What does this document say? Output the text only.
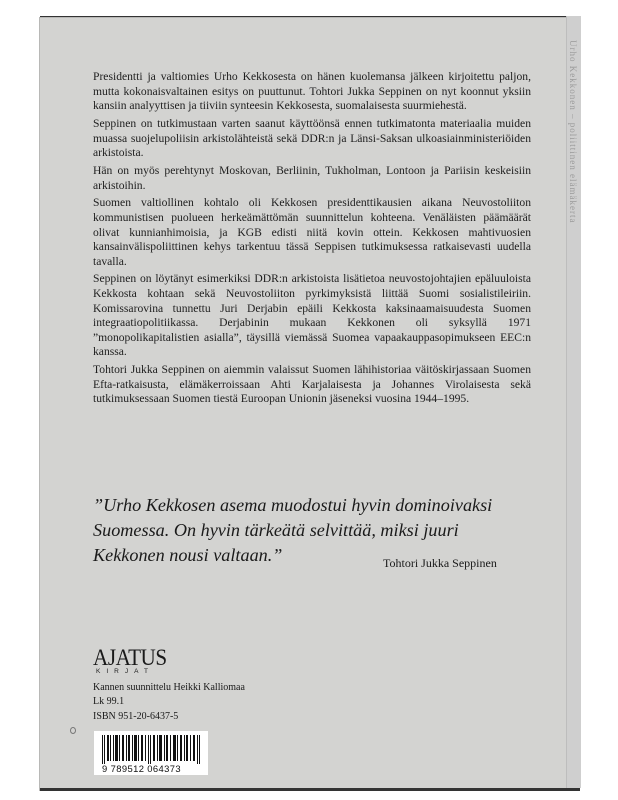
Urho Kekkonen – poliittinen elämäkerta

Presidentti ja valtiomies Urho Kekkosesta on hänen kuolemansa jälkeen kirjoitettu paljon, mutta kokonaisvaltainen esitys on puuttunut. Tohtori Jukka Seppinen on nyt koonnut yksiin kansiin analyyttisen ja tiiviin synteesin Kekkosesta, suomalaisesta suurmiehestä.

Seppinen on tutkimustaan varten saanut käyttöönsä ennen tutkimatonta materiaalia muiden muassa suojelupoliisin arkistolähteistä sekä DDR:n ja Länsi-Saksan ulkoasiainministeriöiden arkistoista.

Hän on myös perehtynyt Moskovan, Berliinin, Tukholman, Lontoon ja Pariisin keskeisiin arkistoihin.

Suomen valtiollinen kohtalo oli Kekkosen presidenttikausien aikana Neuvostoliiton kommunistisen puolueen herkeämättömän suunnittelun kohteena. Venäläisten päämäärät olivat kunnianhimoisia, ja KGB edisti niitä kovin ottein. Kekkosen mahtivuosien kansainvälispoliittinen kehys tarkentuu tässä Seppisen tutkimuksessa ratkaisevasti uudella tavalla.

Seppinen on löytänyt esimerkiksi DDR:n arkistoista lisätietoa neuvostojohtajien epäluuloista Kekkosta kohtaan sekä Neuvostoliiton pyrkimyksistä liittää Suomi sosialistileiriin. Komissarovina tunnettu Juri Derjabin epäili Kekkosta kaksinaamaisuudesta Suomen integraatiopolitiikassa. Derjabinin mukaan Kekkonen oli syksyllä 1971 ”monopolikapitalistien asialla”, täysillä viemässä Suomea vapaakauppasopimukseen EEC:n kanssa.

Tohtori Jukka Seppinen on aiemmin valaissut Suomen lähihistoriaa väitöskirjassaan Suomen Efta-ratkaisusta, elämäkerroissaan Ahti Karjalaisesta ja Johannes Virolaisesta sekä tutkimuksessaan Suomen tiestä Euroopan Unionin jäseneksi vuosina 1944–1995.

”Urho Kekkosen asema muodostui hyvin dominoivaksi Suomessa. On hyvin tärkeätä selvittää, miksi juuri Kekkonen nousi valtaan.”	Tohtori Jukka Seppinen
AJATUS
KIRJAT
Kannen suunnittelu Heikki Kalliomaa
Lk 99.1
ISBN 951-20-6437-5
9 789512 064373
